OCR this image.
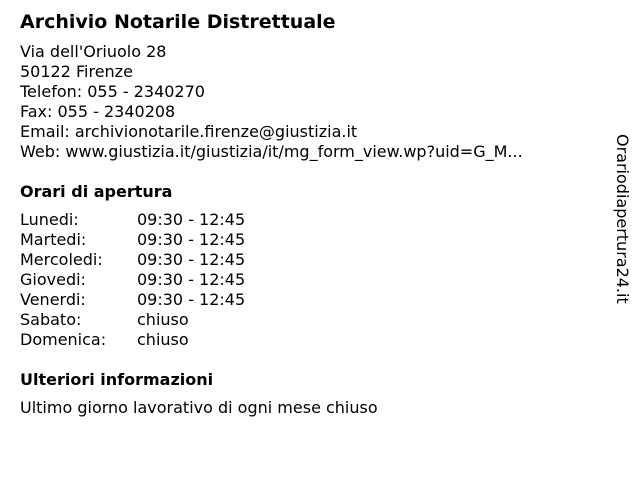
Archivio Notarile Distrettuale
Via dell'Oriuolo 28
50122 Firenze
Telefon: 055 - 2340270
Fax: 055 - 2340208
Email: archivionotarile.firenze@giustizia.it
Web: www.giustizia.it/giustizia/it/mg_form_view.wp?uid=G_M...
Orari di apertura
Lunedi:	09:30 - 12:45
Martedi:	09:30 - 12:45
Mercoledi:	09:30 - 12:45
Giovedi:	09:30 - 12:45
Venerdi:	09:30 - 12:45
Sabato:	chiuso
Domenica:	chiuso
Ulteriori informazioni
Ultimo giorno lavorativo di ogni mese chiuso
Orariodiapertura24.it
